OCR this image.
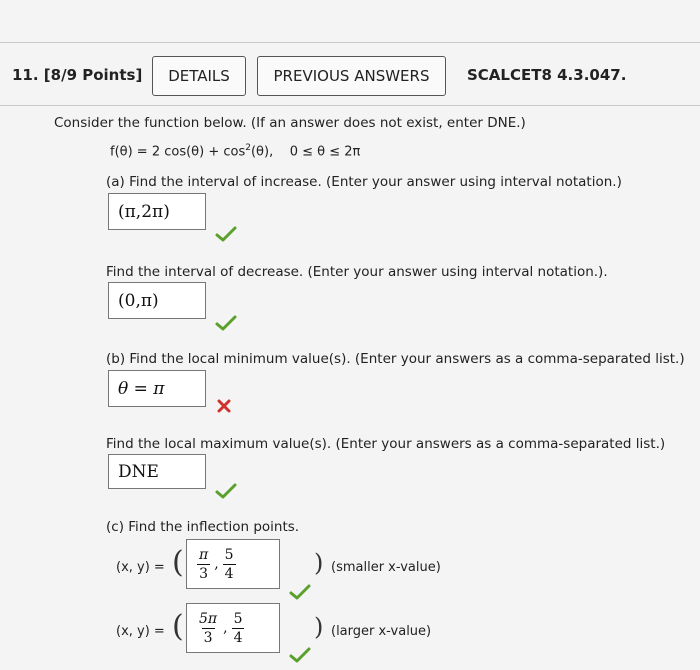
11. [8/9 Points]	DETAILS	PREVIOUS ANSWERS	SCALCET8 4.3.047.
Consider the function below. (If an answer does not exist, enter DNE.)
f(θ) = 2 $\cos(\theta) + \cos^2(\theta)$,    0 ≤ θ ≤ 2π
(a) Find the interval of increase. (Enter your answer using interval notation.)
(π,2π)
Find the interval of decrease. (Enter your answer using interval notation.).
(0,π)
(b) Find the local minimum value(s). (Enter your answers as a comma-separated list.)
θ = π
Find the local maximum value(s). (Enter your answers as a comma-separated list.)
DNE
(c) Find the inflection points.
(x, y) = ( $\frac{\pi}{3}$ , $\frac{5}{4}$	) (smaller x-value)
(x, y) = ( $\frac{5\pi}{3}$ , $\frac{5}{4}$	) (larger x-value)
